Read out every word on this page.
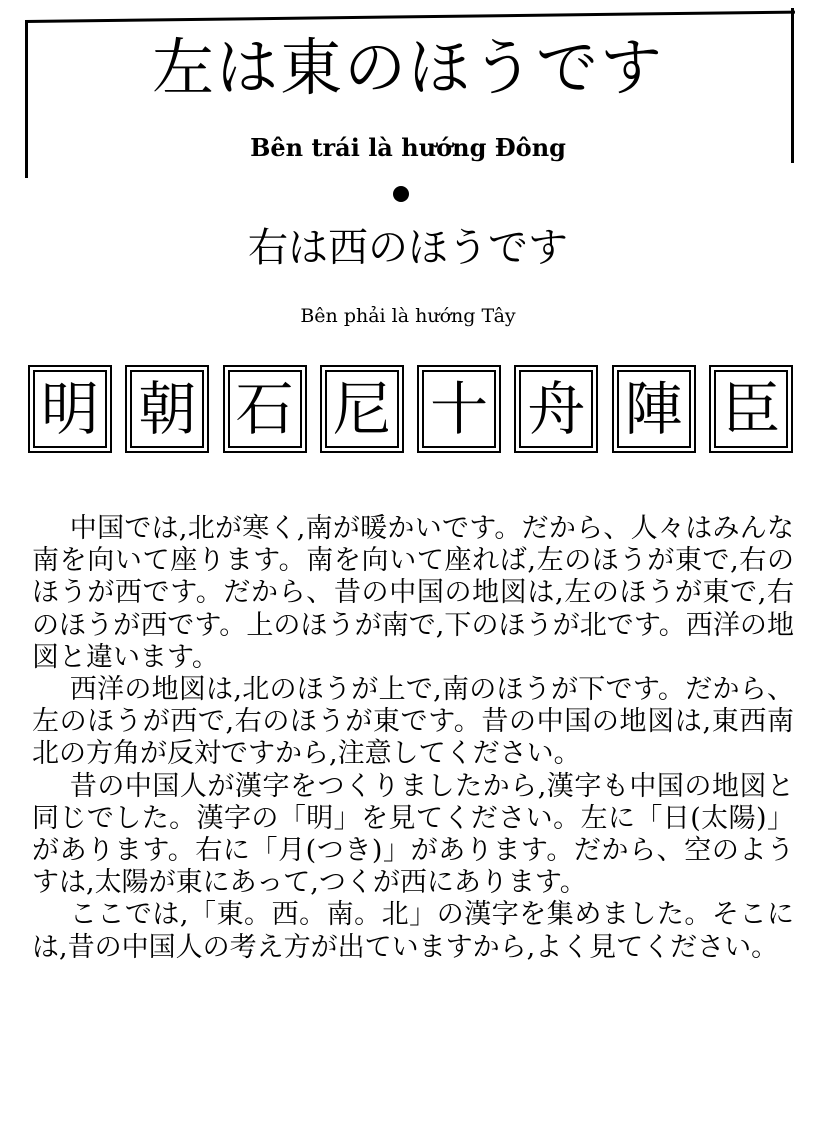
左は東のほうです
Bên trái là hướng Đông
右は西のほうです
Bên phải là hướng Tây
明 朝 石 尼 十 舟 陣 臣

中国では,北が寒く,南が暖かいです。だから、人々はみんな南を向いて座ります。南を向いて座れば,左のほうが東で,右のほうが西です。だから、昔の中国の地図は,左のほうが東で,右のほうが西です。上のほうが南で,下のほうが北です。西洋の地図と違います。

西洋の地図は,北のほうが上で,南のほうが下です。だから、左のほうが西で,右のほうが東です。昔の中国の地図は,東西南北の方角が反対ですから,注意してください。

昔の中国人が漢字をつくりましたから,漢字も中国の地図と同じでした。漢字の「明」を見てください。左に「日(太陽)」があります。右に「月(つき)」があります。だから、空のようすは,太陽が東にあって,つくが西にあります。

ここでは,「東。西。南。北」の漢字を集めました。そこには,昔の中国人の考え方が出ていますから,よく見てください。
